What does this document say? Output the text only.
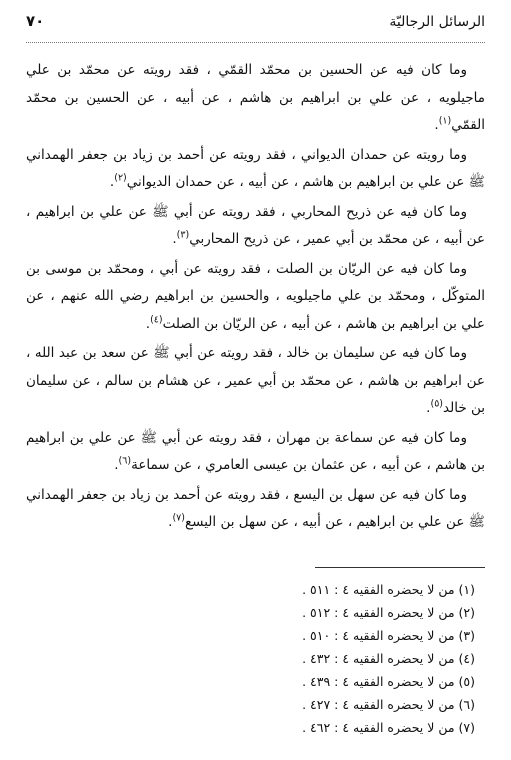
الرسائل الرجاليّة
٧٠

وما كان فيه عن الحسين بن محمّد القمّي ، فقد رويته عن محمّد بن علي ماجيلويه ، عن علي بن ابراهيم بن هاشم ، عن أبيه ، عن الحسين بن محمّد القمّي$^{(١)}$.

وما رويته عن حمدان الديواني ، فقد رويته عن أحمد بن زياد بن جعفر الهمداني ﷺ عن علي بن ابراهيم بن هاشم ، عن أبيه ، عن حمدان الديواني$^{(٢)}$.

وما كان فيه عن ذريح المحاربي ، فقد رويته عن أبي ﷺ عن علي بن ابراهيم ، عن أبيه ، عن محمّد بن أبي عمير ، عن ذريح المحاربي$^{(٣)}$.

وما كان فيه عن الريّان بن الصلت ، فقد رويته عن أبي ، ومحمّد بن موسى بن المتوكّل ، ومحمّد بن علي ماجيلويه ، والحسين بن ابراهيم رضي الله عنهم ، عن علي بن ابراهيم بن هاشم ، عن أبيه ، عن الريّان بن الصلت$^{(٤)}$.

وما كان فيه عن سليمان بن خالد ، فقد رويته عن أبي ﷺ عن سعد بن عبد الله ، عن ابراهيم بن هاشم ، عن محمّد بن أبي عمير ، عن هشام بن سالم ، عن سليمان بن خالد$^{(٥)}$.

وما كان فيه عن سماعة بن مهران ، فقد رويته عن أبي ﷺ عن علي بن ابراهيم بن هاشم ، عن أبيه ، عن عثمان بن عيسى العامري ، عن سماعة$^{(٦)}$.

وما كان فيه عن سهل بن اليسع ، فقد رويته عن أحمد بن زياد بن جعفر الهمداني ﷺ عن علي بن ابراهيم ، عن أبيه ، عن سهل بن اليسع$^{(٧)}$.

(١) من لا يحضره الفقيه ٤ : ٥١١ .
(٢) من لا يحضره الفقيه ٤ : ٥١٢ .
(٣) من لا يحضره الفقيه ٤ : ٥١٠ .
(٤) من لا يحضره الفقيه ٤ : ٤٣٢ .
(٥) من لا يحضره الفقيه ٤ : ٤٣٩ .
(٦) من لا يحضره الفقيه ٤ : ٤٢٧ .
(٧) من لا يحضره الفقيه ٤ : ٤٦٢ .
